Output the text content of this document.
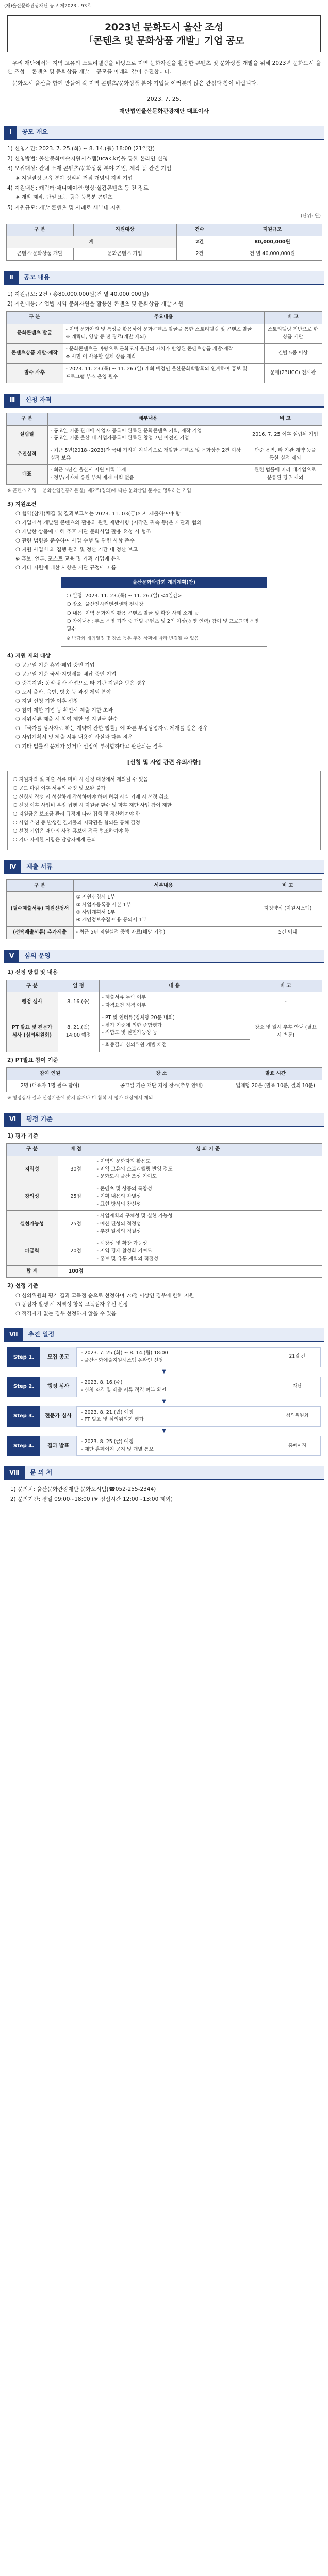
(재)울산문화관광재단 공고 제2023 - 93호
2023년 문화도시 울산 조성
「콘텐츠 및 문화상품 개발」기업 공모

우리 재단에서는 지역 고유의 스토리텔링을 바탕으로 지역 문화자원을 활용한 콘텐츠 및 문화상품 개발을 위해 2023년 문화도시 울산 조성 「콘텐츠 및 문화상품 개발」 공모를 아래와 같이 추진합니다.

문화도시 울산을 함께 만들어 갈 지역 콘텐츠/문화상품 분야 기업들 여러분의 많은 관심과 참여 바랍니다.

2023. 7. 25.
재단법인울산문화관광재단 대표이사
Ⅰ	공모 개요
1) 신청기간: 2023. 7. 25.(화) ~ 8. 14.(월) 18:00 (21일간)
2) 신청방법: 울산문화예술지원시스템(ucak.kr)을 통한 온라인 신청
3) 모집대상: 관내 소재 콘텐츠/문화상품 분야 기업, 제작 등 관련 기업
※ 지원결정 고유 분야 정리된 거점 개념의 지역 기업
4) 지원내용: 캐릭터·애니메이션·영상·실감콘텐츠 등 전 장르
※ 개발 제작, 단일 또는 묶음 등록분 콘텐츠
5) 지원규모: 개발 콘텐츠 및 사례로 세부내 지원
(단위: 원)
구 분	지원대상	건수	지원규모
계		2건	80,000,000원
콘텐츠·문화상품 개발	문화콘텐츠 기업	2건	건 별 40,000,000원
Ⅱ	공모 내용
1) 지원규모: 2건 / 총80,000,000원(건 별 40,000,000원)
2) 지원내용: 기업별 지역 문화자원을 활용한 콘텐츠 및 문화상품 개발 지원
구 분	주요내용	비 고
문화콘텐츠 발굴	- 지역 문화자원 및 특성을 활용하여 문화콘텐츠 발굴을 통한 스토리텔링 및 콘텐츠 발굴
※ 캐릭터, 영상 등 전 장르(개발 제외)	스토리텔링 기반으로 한 상품 개발
콘텐츠상품 개발·제작	- 문화콘텐츠를 바탕으로 문화도시 울산의 가치가 반영된 콘텐츠상품 개발·제작
※ 시민 이 사용할 실제 상품 제작	건별 5종 이상
발수 사후	- 2023. 11. 23.(목) ~ 11. 26.(일) 개최 예정인 울산문화박람회와 연계하여 홍보 및 프로그램 부스 운영 필수	문예(23UCC) 전시관
Ⅲ	신청 자격
구 분	세부내용	비 고
설립일	- 공고일 기준 관내에 사업자 등록이 완료된 문화콘텐츠 기획, 제작 기업
- 공고일 기준 울산 내 사업자등록이 완료된 창업 7년 이전인 기업	2016. 7. 25 이후 설립된 기업
추진실적	- 최근 5년(2018~2023)간 국내 기업이 지체적으로 개발한 콘텐츠 및 문화상품 2건 이상 실적 보유	단순 용역, 타 기관 계약 등을 통한 실적 제외
대표	- 최근 5년간 울산시 지원 이력 부재
- 정부/지자체 유관 부처 제재 이력 없음	관련 법률에 따라 대기업으로 분류된 경우 제외
※ 콘텐츠 기업 「문화산업진흥기본법」제2조(정의)에 따른 문화산업 분야를 영위하는 기업
3) 지원조건
❍ 협약(참가)체결 및 결과보고서는 2023. 11. 03(금)까지 제출하여야 함
❍ 기업에서 개발된 콘텐츠의 활용과 관련 제반사항 (저작권 귀속 등)은 재단과 협의
❍ 개발한 상품에 대해 추후 재단 문화사업 활용 요청 시 협조
❍ 관련 법령을 준수하여 사업 수행 및 관련 사항 준수
❍ 지원 사업비 의 집행 관리 및 정산 기간 내 정산 보고
※ 홍보, 언론, 포스트 교육 및 기획 기업에 유의
❍ 기타 지원에 대한 사항은 재단 규정에 따름
울산문화박람회 개최계획(안)
❍ 일정: 2023. 11. 23.(목) ~ 11. 26.(일) <4일간>
❍ 장소: 울산전시컨벤션센터 전시장
❍ 내용: 지역 문화자원 활용 콘텐츠 발굴 및 확장 사례 소개 등
❍ 참여내용: 부스 운영 기간 중 개발 콘텐츠 및 2인 이상(운영 인력) 참여 및 프로그램 운영 필수
※ 박람회 개최일정 및 장소 등은 추진 상황에 따라 변경될 수 있음
4) 지원 제외 대상
❍ 공고일 기준 휴업·폐업 중인 기업
❍ 공고일 기준 국세·지방세를 체납 중인 기업
❍ 중복지원: 동일·유사 사업으로 타 기관 지원을 받은 경우
❍ 도서 출판, 음반, 방송 등 과정 제외 분야
❍ 지원 신청 기한 이후 신청
❍ 참여 제한 기업 등 확인서 제출 기한 초과
❍ 허위서류 제출 시 참여 제한 및 지원금 환수
❍ 「국가를 당사자로 하는 계약에 관한 법률」에 따른 부정당업자로 제재를 받은 경우
❍ 사업계획서 및 제출 서류 내용이 사실과 다른 경우
❍ 기타 법률적 문제가 있거나 선정이 부적합하다고 판단되는 경우
[신청 및 사업 관련 유의사항]
❍ 지원자격 및 제출 서류 미비 시 선정 대상에서 제외될 수 있음
❍ 공모 마감 이후 서류의 수정 및 보완 불가
❍ 신청서 작성 시 성실하게 작성하여야 하며 허위 사실 기재 시 선정 취소
❍ 선정 이후 사업비 부정 집행 시 지원금 환수 및 향후 재단 사업 참여 제한
❍ 지원금은 보조금 관리 규정에 따라 집행 및 정산하여야 함
❍ 사업 추진 중 발생한 결과물의 저작권은 협의를 통해 결정
❍ 선정 기업은 재단의 사업 홍보에 적극 협조하여야 함
❍ 기타 자세한 사항은 담당자에게 문의
Ⅳ	제출 서류
구 분	세부내용	비 고
(필수제출서류) 지원신청서	① 지원신청서 1부
② 사업자등록증 사본 1부
③ 사업계획서 1부
④ 개인정보수집·이용 동의서 1부	지정양식 (지원시스템)
(선택제출서류) 추가제출	- 최근 5년 지원실적 증빙 자료(해당 기업)	5건 이내
Ⅴ	심의 운영
1) 선정 방법 및 내용
구 분	일 정	내 용	비 고
행정 심사	8. 16.(수)	- 제출서류 누락 여부
- 자격요건 적격 여부	-
PT 발표 및 전문가 심사 (심의위원회)	8. 21.(월) 14:00 예정	- PT 및 인터뷰(업체당 20분 내외)
- 평가 기준에 의한 종합평가
- 적합도 및 실현가능성 등	장소 및 일시 추후 안내 (필요 시 변동)
		- 최종결과 심의위원 개별 채점	
2) PT발표 참여 기준
참여 인원	장 소	발표 시간
2명 (대표자 1명 필수 참여)	공고일 기준 재단 지정 장소(추후 안내)	업체당 20분 (발표 10분, 질의 10분)
※ 행정심사 결과 선정기준에 맞지 않거나 미 참석 시 평가 대상에서 제외
Ⅵ	평정 기준
1) 평가 기준
구 분	배 점	심 의 기 준
지역성	30점	- 지역의 문화자원 활용도
- 지역 고유의 스토리텔링 반영 정도
- 문화도시 울산 조성 기여도

창의성	25점	- 콘텐츠 및 상품의 독창성
- 기획 내용의 차별성
- 표현 방식의 참신성

실현가능성	25점	- 사업계획의 구체성 및 실현 가능성
- 예산 편성의 적정성
- 추진 일정의 적절성

파급력	20점	- 시장성 및 확장 가능성
- 지역 경제 활성화 기여도
- 홍보 및 유통 계획의 적절성

합 계	100점	
2) 선정 기준
❍ 심의위원회 평가 결과 고득점 순으로 선정하며 70점 이상인 경우에 한해 지원
❍ 동점자 발생 시 지역성 항목 고득점자 우선 선정
❍ 적격자가 없는 경우 선정하지 않을 수 있음
Ⅶ	추진 일정
Step 1.	모집 공고
- 2023. 7. 25.(화) ~ 8. 14.(월) 18:00
- 울산문화예술지원시스템 온라인 신청
21일 간
▼
Step 2.	행정 심사
- 2023. 8. 16.(수)
- 신청 자격 및 제출 서류 적격 여부 확인
재단
▼
Step 3.	전문가 심사
- 2023. 8. 21.(월) 예정
- PT 발표 및 심의위원회 평가
심의위원회
▼
Step 4.	결과 발표
- 2023. 8. 25.(금) 예정
- 재단 홈페이지 공지 및 개별 통보
홈페이지
Ⅷ	문 의 처
1) 문의처: 울산문화관광재단 문화도시팀(☎052-255-2344)
2) 문의기간: 평일 09:00~18:00 (※ 점심시간 12:00~13:00 제외)
